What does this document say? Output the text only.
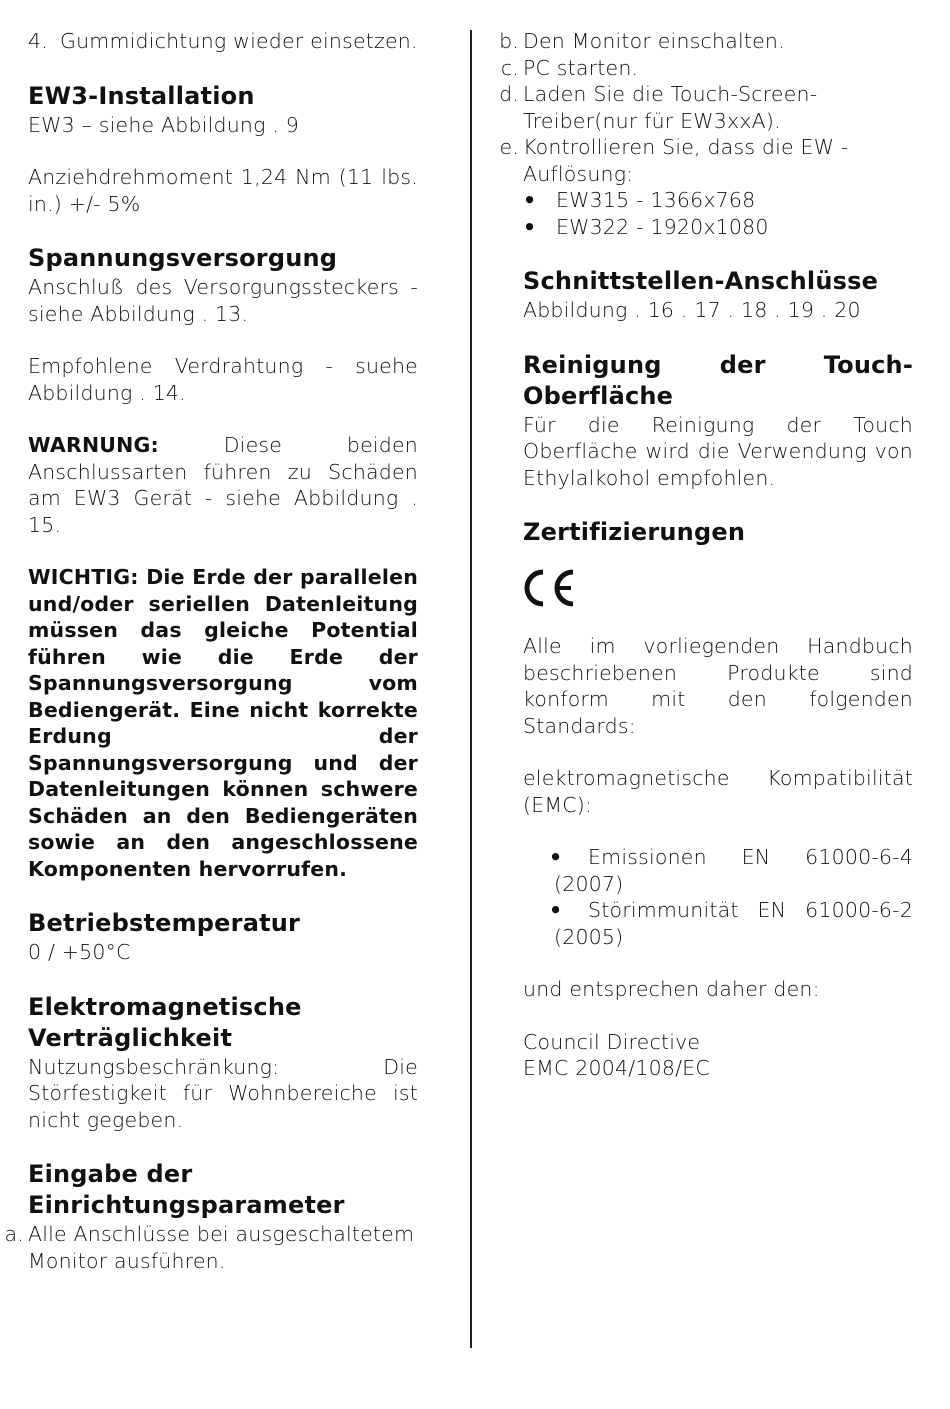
4. Gummidichtung wieder einsetzen.

EW3-Installation

EW3 – siehe Abbildung . 9

Anziehdrehmoment 1,24 Nm (11 lbs. in.) +/- 5%

Spannungsversorgung

Anschluß des Versorgungssteckers - siehe Abbildung . 13.

Empfohlene Verdrahtung - suehe Abbildung . 14.

WARNUNG: Diese beiden Anschlussarten führen zu Schäden am EW3 Gerät - siehe Abbildung . 15.

WICHTIG: Die Erde der parallelen und/oder seriellen Datenleitung müssen das gleiche Potential führen wie die Erde der Spannungsversorgung vom Bediengerät. Eine nicht korrekte Erdung der Spannungsversorgung und der Datenleitungen können schwere Schäden an den Bediengeräten sowie an den angeschlossene Komponenten hervorrufen.

Betriebstemperatur

0 / +50°C

Elektromagnetische
Verträglichkeit

Nutzungsbeschränkung: Die Störfestigkeit für Wohnbereiche ist nicht gegeben.

Eingabe der
Einrichtungsparameter

a. Alle Anschlüsse bei ausgeschaltetem Monitor ausführen.

b. Den Monitor einschalten.

c. PC starten.

d. Laden Sie die Touch-Screen-Treiber(nur für EW3xxA).

e. Kontrollieren Sie, dass die EW -Auflösung:

• EW315 - 1366x768

• EW322 - 1920x1080

Schnittstellen-Anschlüsse

Abbildung . 16 . 17 . 18 . 19 . 20

Reinigung der Touch-
Oberfläche

Für die Reinigung der Touch Oberfläche wird die Verwendung von Ethylalkohol empfohlen.

Zertifizierungen

Alle im vorliegenden Handbuch beschriebenen Produkte sind konform mit den folgenden Standards:

elektromagnetische Kompatibilität (EMC):

• Emissionen EN 61000-6-4 (2007)

• Störimmunität EN 61000-6-2 (2005)

und entsprechen daher den:

Council Directive

EMC 2004/108/EC
